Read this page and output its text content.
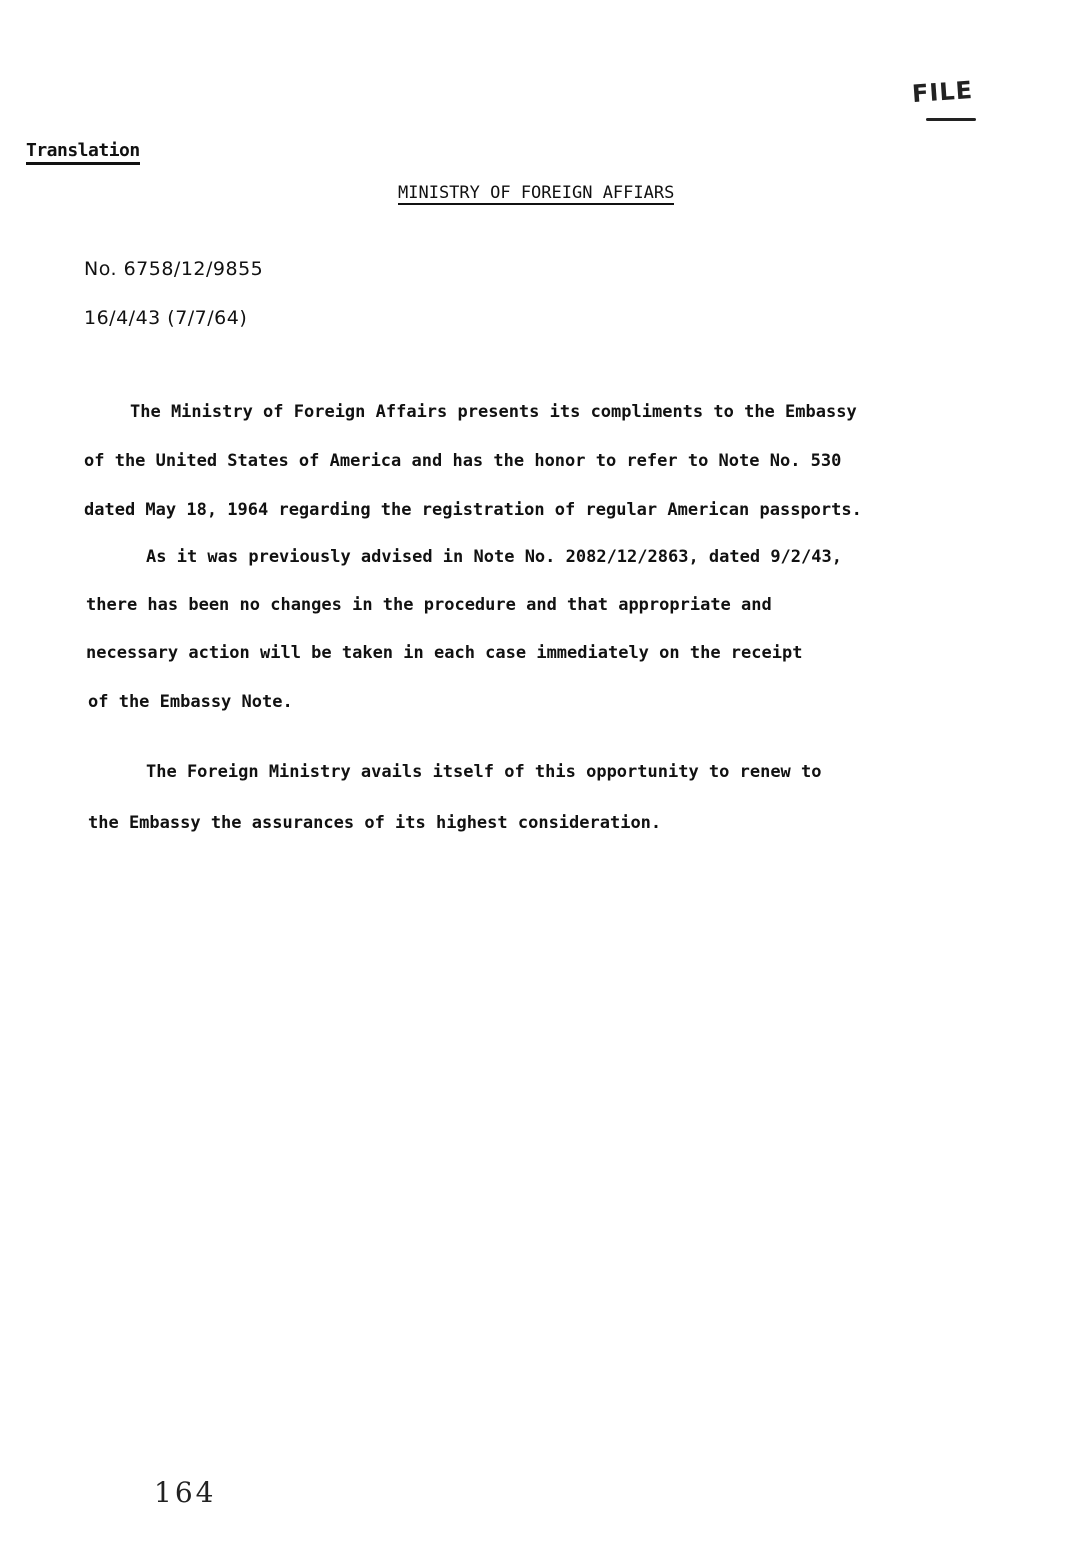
FILE
Translation
MINISTRY OF FOREIGN AFFIARS
No. 6758/12/9855
16/4/43 (7/7/64)
The Ministry of Foreign Affairs presents its compliments to the Embassy
of the United States of America and has the honor to refer to Note No. 530
dated May 18, 1964 regarding the registration of regular American passports.
As it was previously advised in Note No. 2082/12/2863, dated 9/2/43,
there has been no changes in the procedure and that appropriate and
necessary action will be taken in each case immediately on the receipt
of the Embassy Note.
The Foreign Ministry avails itself of this opportunity to renew to
the Embassy the assurances of its highest consideration.
164
